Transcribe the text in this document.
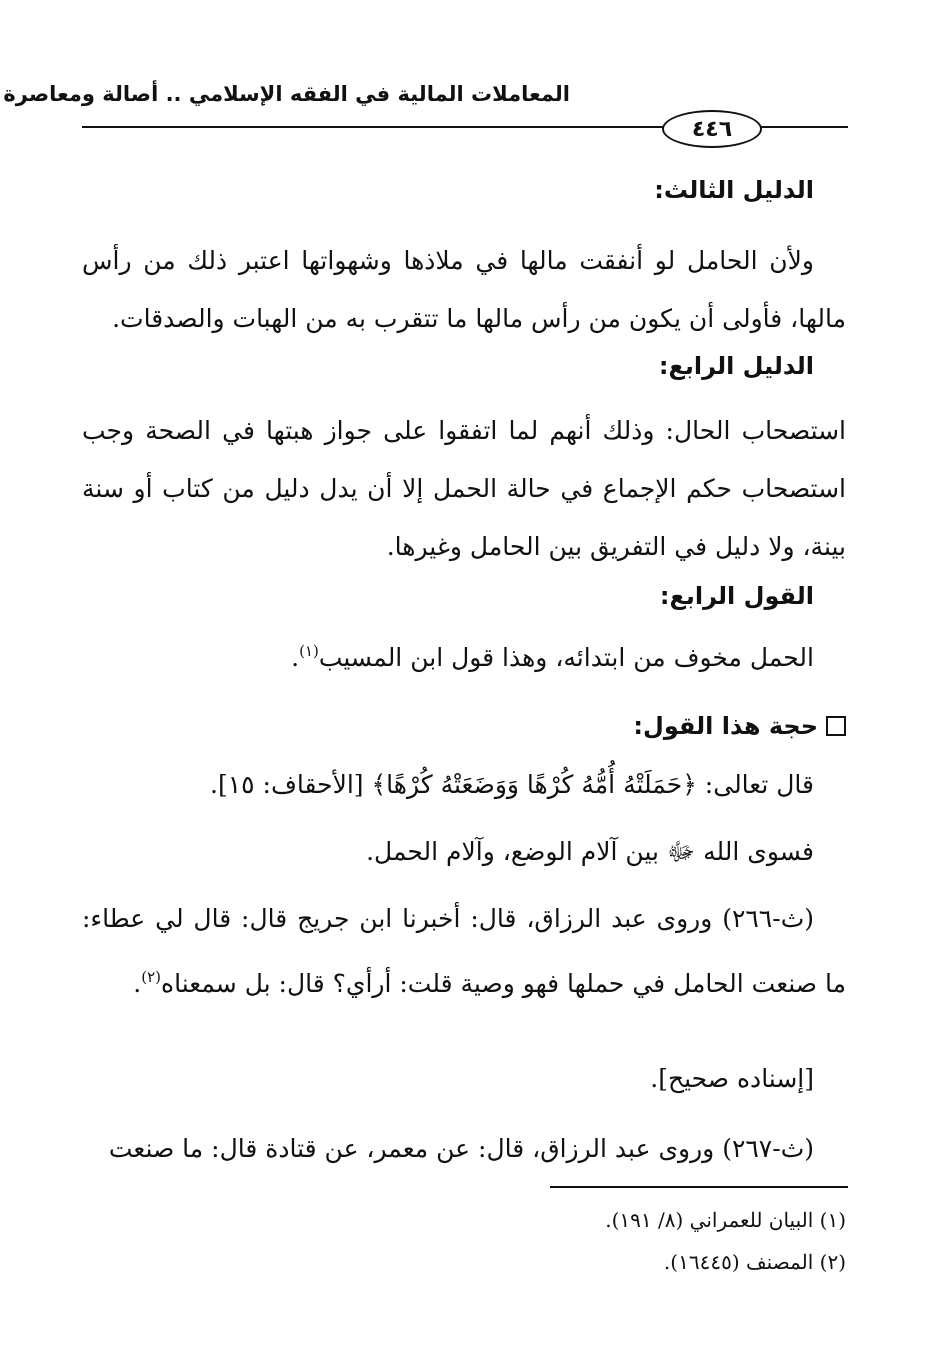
المعاملات المالية في الفقه الإسلامي .. أصالة ومعاصرة
٤٤٦
الدليل الثالث:
ولأن الحامل لو أنفقت مالها في ملاذها وشهواتها اعتبر ذلك من رأس مالها، فأولى أن يكون من رأس مالها ما تتقرب به من الهبات والصدقات.
الدليل الرابع:
استصحاب الحال: وذلك أنهم لما اتفقوا على جواز هبتها في الصحة وجب استصحاب حكم الإجماع في حالة الحمل إلا أن يدل دليل من كتاب أو سنة بينة، ولا دليل في التفريق بين الحامل وغيرها.
القول الرابع:
الحمل مخوف من ابتدائه، وهذا قول ابن المسيب$^{(١)}$.
حجة هذا القول:
قال تعالى: ﴿حَمَلَتْهُ أُمُّهُ كُرْهًا وَوَضَعَتْهُ كُرْهًا﴾ [الأحقاف: ١٥].
فسوى الله ﷻ بين آلام الوضع، وآلام الحمل.
(ث-٢٦٦) وروى عبد الرزاق، قال: أخبرنا ابن جريج قال: قال لي عطاء: ما صنعت الحامل في حملها فهو وصية قلت: أرأي؟ قال: بل سمعناه$^{(٢)}$.
[إسناده صحيح].
(ث-٢٦٧) وروى عبد الرزاق، قال: عن معمر، عن قتادة قال: ما صنعت
(١) البيان للعمراني (٨/ ١٩١).
(٢) المصنف (١٦٤٤٥).
